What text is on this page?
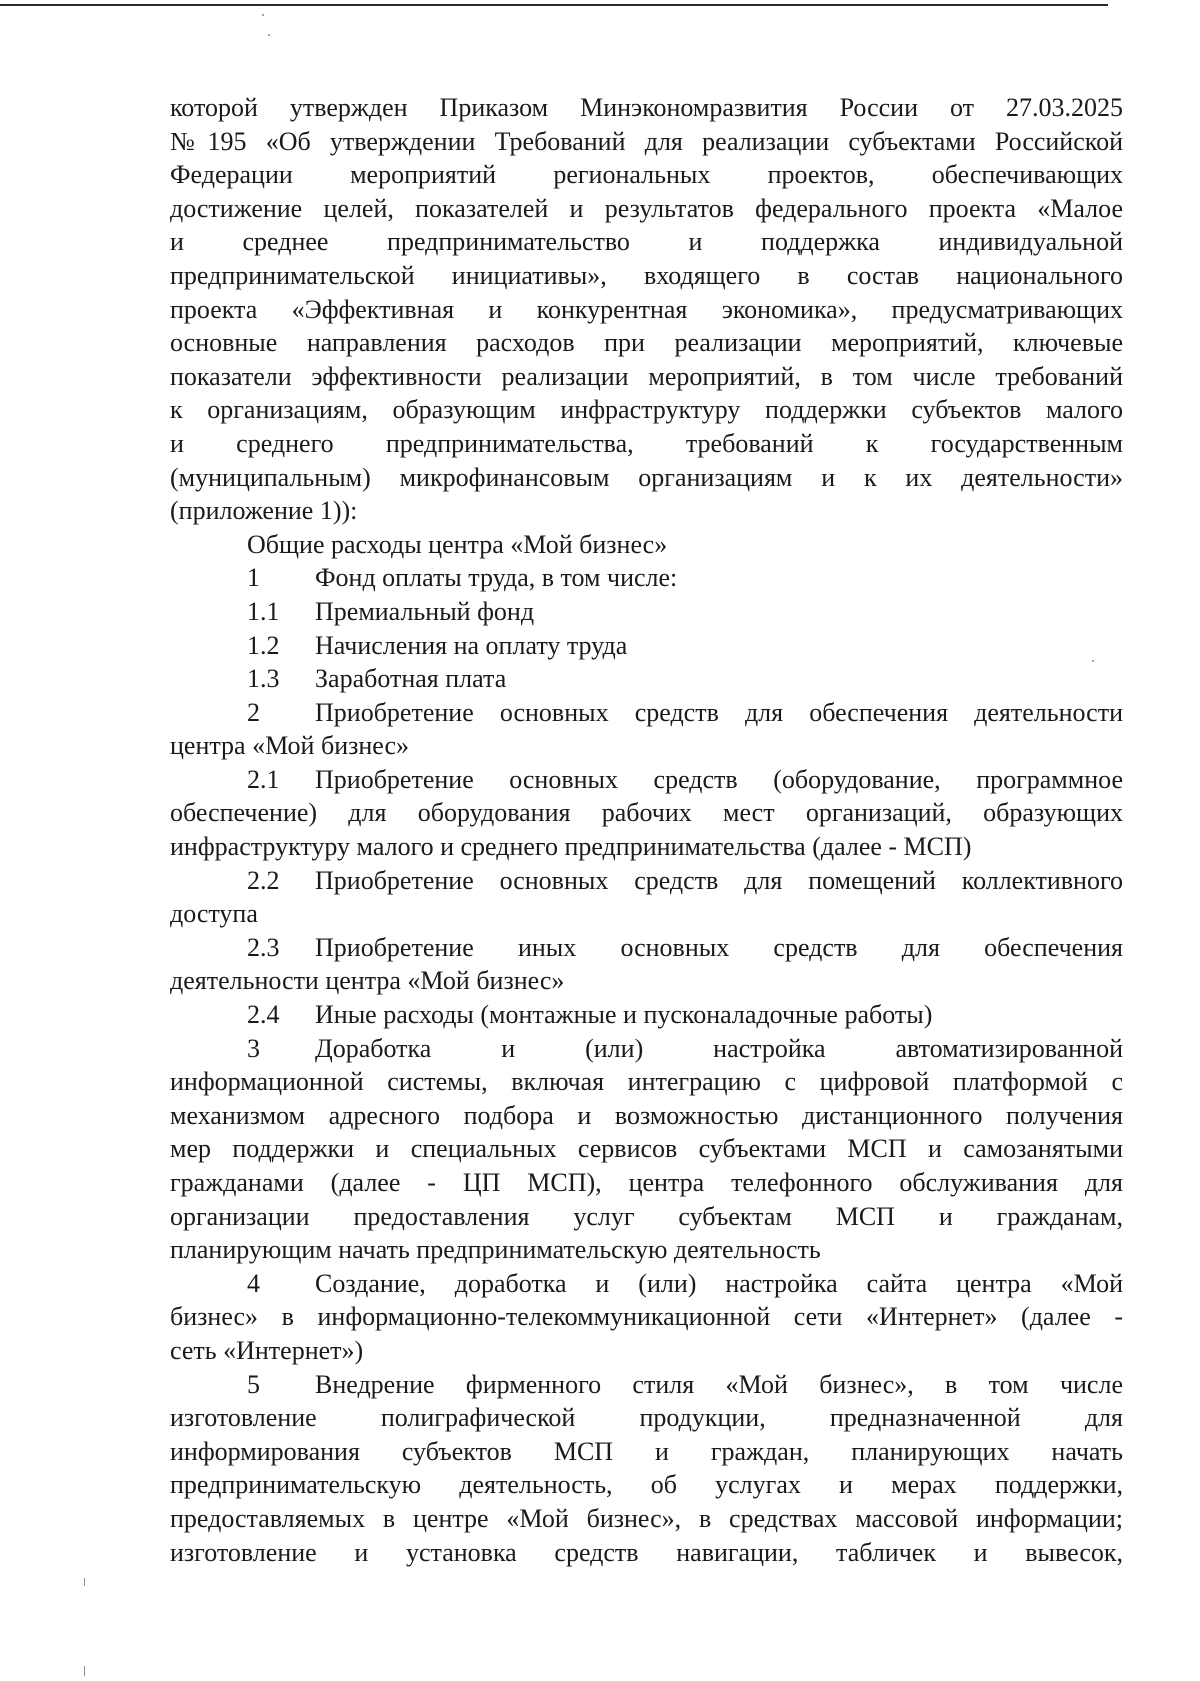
которой утвержден Приказом Минэкономразвития России от 27.03.2025

№195 «Об утверждении Требований для реализации субъектами Российской

Федерации мероприятий региональных проектов, обеспечивающих

достижение целей, показателей и результатов федерального проекта «Малое

и среднее предпринимательство и поддержка индивидуальной

предпринимательской инициативы», входящего в состав национального

проекта «Эффективная и конкурентная экономика», предусматривающих

основные направления расходов при реализации мероприятий, ключевые

показатели эффективности реализации мероприятий, в том числе требований

к организациям, образующим инфраструктуру поддержки субъектов малого

и среднего предпринимательства, требований к государственным

(муниципальным) микрофинансовым организациям и к их деятельности»

(приложение 1)):

Общие расходы центра «Мой бизнес»

1	Фонд оплаты труда, в том числе:
1.1	Премиальный фонд
1.2	Начисления на оплату труда
1.3	Заработная плата
2	Приобретение основных средств для обеспечения деятельности

центра «Мой бизнес»

2.1	Приобретение основных средств (оборудование, программное

обеспечение) для оборудования рабочих мест организаций, образующих

инфраструктуру малого и среднего предпринимательства (далее - МСП)

2.2	Приобретение основных средств для помещений коллективного

доступа

2.3	Приобретение иных основных средств для обеспечения

деятельности центра «Мой бизнес»

2.4	Иные расходы (монтажные и пусконаладочные работы)
3	Доработка и (или) настройка автоматизированной

информационной системы, включая интеграцию с цифровой платформой с

механизмом адресного подбора и возможностью дистанционного получения

мер поддержки и специальных сервисов субъектами МСП и самозанятыми

гражданами (далее - ЦП МСП), центра телефонного обслуживания для

организации предоставления услуг субъектам МСП и гражданам,

планирующим начать предпринимательскую деятельность

4	Создание, доработка и (или) настройка сайта центра «Мой

бизнес» в информационно-телекоммуникационной сети «Интернет» (далее -

сеть «Интернет»)

5	Внедрение фирменного стиля «Мой бизнес», в том числе

изготовление полиграфической продукции, предназначенной для

информирования субъектов МСП и граждан, планирующих начать

предпринимательскую деятельность, об услугах и мерах поддержки,

предоставляемых в центре «Мой бизнес», в средствах массовой информации;

изготовление и установка средств навигации, табличек и вывесок,
